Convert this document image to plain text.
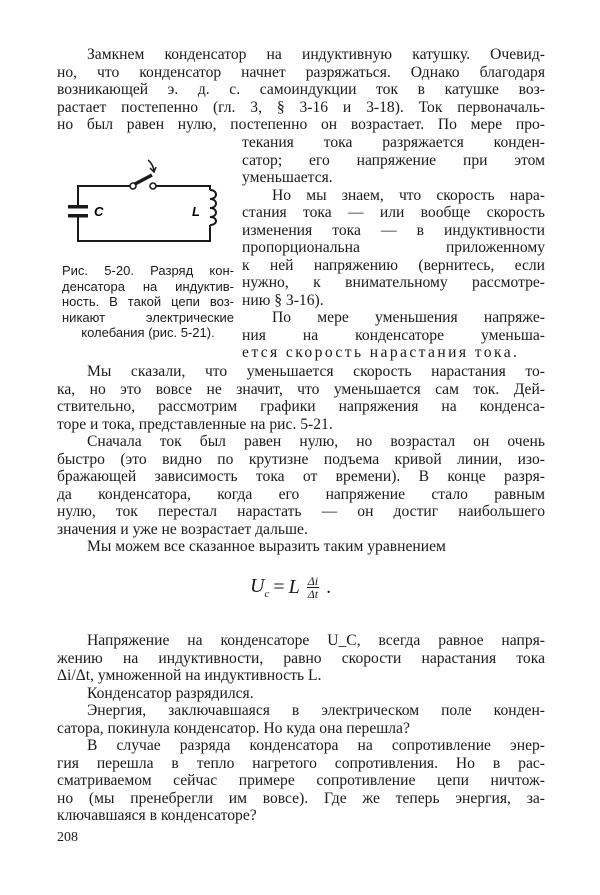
Замкнем конденсатор на индуктивную катушку. Очевид-
но, что конденсатор начнет разряжаться. Однако благодаря
возникающей э. д. с. самоиндукции ток в катушке воз-
растает постепенно (гл. 3, § 3-16 и 3-18). Ток первоначаль-
но был равен нулю, постепенно он возрастает. По мере про-
C	L
Рис. 5-20. Разряд кон-
денсатора на индуктив-
ность. В такой цепи воз-
никают электрические
колебания (рис. 5-21).
текания тока разряжается конден-
сатор; его напряжение при этом
уменьшается.
Но мы знаем, что скорость нара-
стания тока — или вообще скорость
изменения тока — в индуктивности
пропорциональна приложенному
к ней напряжению (вернитесь, если
нужно, к внимательному рассмотре-
нию § 3-16).
По мере уменьшения напряже-
ния на конденсаторе уменьша-
ется скорость нарастания тока.
Мы сказали, что уменьшается скорость нарастания то-
ка, но это вовсе не значит, что уменьшается сам ток. Дей-
ствительно, рассмотрим графики напряжения на конденса-
торе и тока, представленные на рис. 5-21.
Сначала ток был равен нулю, но возрастал он очень
быстро (это видно по крутизне подъема кривой линии, изо-
бражающей зависимость тока от времени). В конце разря-
да конденсатора, когда его напряжение стало равным
нулю, ток перестал нарастать — он достиг наибольшего
значения и уже не возрастает дальше.
Мы можем все сказанное выразить таким уравнением
$U_c = L \frac{\Delta i}{\Delta t}$ .
Напряжение на конденсаторе U_C, всегда равное напря-
жению на индуктивности, равно скорости нарастания тока
Δi/Δt, умноженной на индуктивность L.
Конденсатор разрядился.
Энергия, заключавшаяся в электрическом поле конден-
сатора, покинула конденсатор. Но куда она перешла?
В случае разряда конденсатора на сопротивление энер-
гия перешла в тепло нагретого сопротивления. Но в рас-
сматриваемом сейчас примере сопротивление цепи ничтож-
но (мы пренебрегли им вовсе). Где же теперь энергия, за-
ключавшаяся в конденсаторе?
208
